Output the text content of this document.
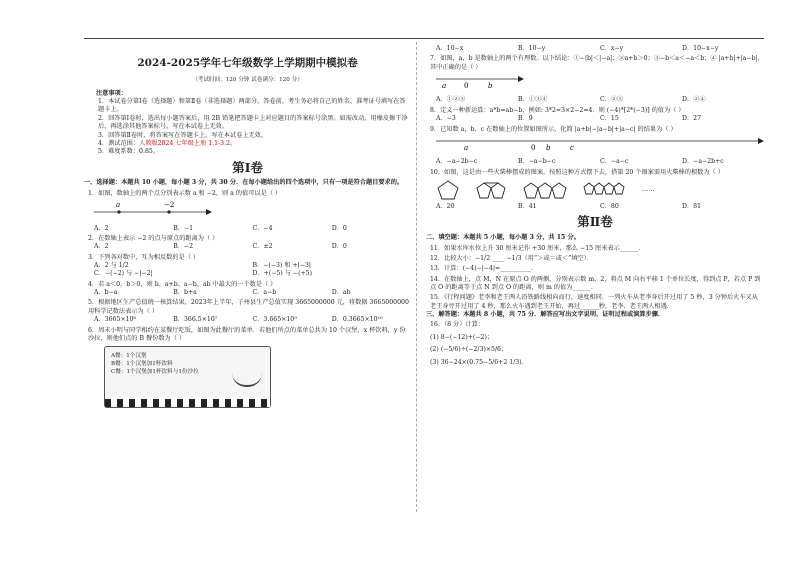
2024-2025学年七年级数学上学期期中模拟卷
（考试时间：120 分钟 试卷满分：120 分）
注意事项：
1．本试卷分第Ⅰ卷（选择题）和第Ⅱ卷（非选择题）两部分。答卷前，考生务必将自己的姓名、准考证号填写在答题卡上。
2．回答第Ⅰ卷时，选出每小题答案后，用 2B 铅笔把答题卡上对应题目的答案标号涂黑。如需改动，用橡皮擦干净后，再选涂其他答案标号。写在本试卷上无效。
3．回答第Ⅱ卷时，将答案写在答题卡上。写在本试卷上无效。
4．测试范围：人教版2024 七年级上册 1.1-3.2。
5．难度系数：0.85。
第Ⅰ卷
一、选择题：本题共 10 小题，每小题 3 分，共 30 分．在每小题给出的四个选项中，只有一项是符合题目要求的。
1．如图，数轴上的两个点分别表示数 a 和 −2，则 a 的值可以是（ ）
a	−2
A．2	B．−1	C．−4	D．0
2．在数轴上表示 −2 的点与原点的距离为（ ）
A．2	B．−2	C．±2	D．0
3．下列各对数中，互为相反数的是（ ）
A．2 与 1/2	B．−(−3) 和 +|−3|
C．−(−2) 与 −|−2|	D．+(−5) 与 −(+5)
4．若 a＜0，b＞0，则 b、a+b、a−b、ab 中最大的一个数是（ ）
A．b−a	B．b+a	C．a−b	D．ab
5．根据地区生产总值统一核算结果，2023年上半年，子州县生产总值实现 3665000000 元，将数据 3665000000 用科学记数法表示为（ ）
A．3665×10⁶	B．366.5×10⁷	C．3.665×10⁹	D．0.3665×10¹⁰
6．周末小明与同学相约在某餐厅吃饭，如图为此餐厅的菜单．若他们所点的菜单总共为 10 个汉堡，x 杯饮料，y 份沙拉，则他们点的 B 餐份数为（ ）
A餐：1个汉堡
B餐：1个汉堡加1杯饮料
C餐：1个汉堡加1杯饮料与1份沙拉
A．10−x	B．10−y	C．x−y	D．10−x−y
7．如图，a，b 是数轴上的两个有理数。以下结论：①−|b|＜|−a|；②a+b＞0；③−b＜a＜−a＜b；④ |a+b|+|a−b|，其中正确的是（ ）
a	0	b
A．①②③	B．①③④	C．②③	D．②④
8．定义一种新运算：a*b=ab−b，例如: 3*2=3×2−2=4．则 (−4)*[2*(−3)] 的值为（ ）
A．−3	B．9	C．15	D．27
9．已知数 a，b，c 在数轴上的位置如图所示，化简 |a+b|−|a−b|+|a−c| 的结果为（ ）
a	0 b	c
A．−a−2b−c	B．−a−b−c	C．−a−c	D．−a−2b+c
10．如图，这是由一些火柴棒摆成的图案，按照这种方式摆下去，搭第 20 个图案需用火柴棒的根数为（ ）
……
A．20	B．41	C．80	D．81
第Ⅱ卷
二、填空题：本题共 5 小题，每小题 3 分，共 15 分。
11．如果水库水位上升 30 厘米记作 +30 厘米，那么 −15 厘米表示______．
12．比较大小：−1/2 ____ −1/3（用“＞或＝或＜”填空）．
13．计算：(−4)−|−4|=__________．
14．在数轴上，点 M，N 在原点 O 的两侧，分别表示数 m，2，将点 M 向右平移 1 个单位长度，得到点 P，若点 P 到点 O 的距离等于点 N 到点 O 的距离，则 m 的值为______．
15．《行程问题》老李和老王两人沿铁路线相向而行，速度相同．一列火车从老李身后开过用了 5 秒，3 分钟后火车又从老王身旁开过用了 4 秒，那么火车遇到老王开始，再过______秒，老李、老王两人相遇．
三、解答题：本题共 8 小题，共 75 分．解答应写出文字说明、证明过程或演算步骤．
16．（8 分）计算：
(1) 8−(−12)+(−2)；
(2) (−5/6)÷(−2/3)×5/6；
(3) 36−24×(0.75−5/6+2 1/3)．
